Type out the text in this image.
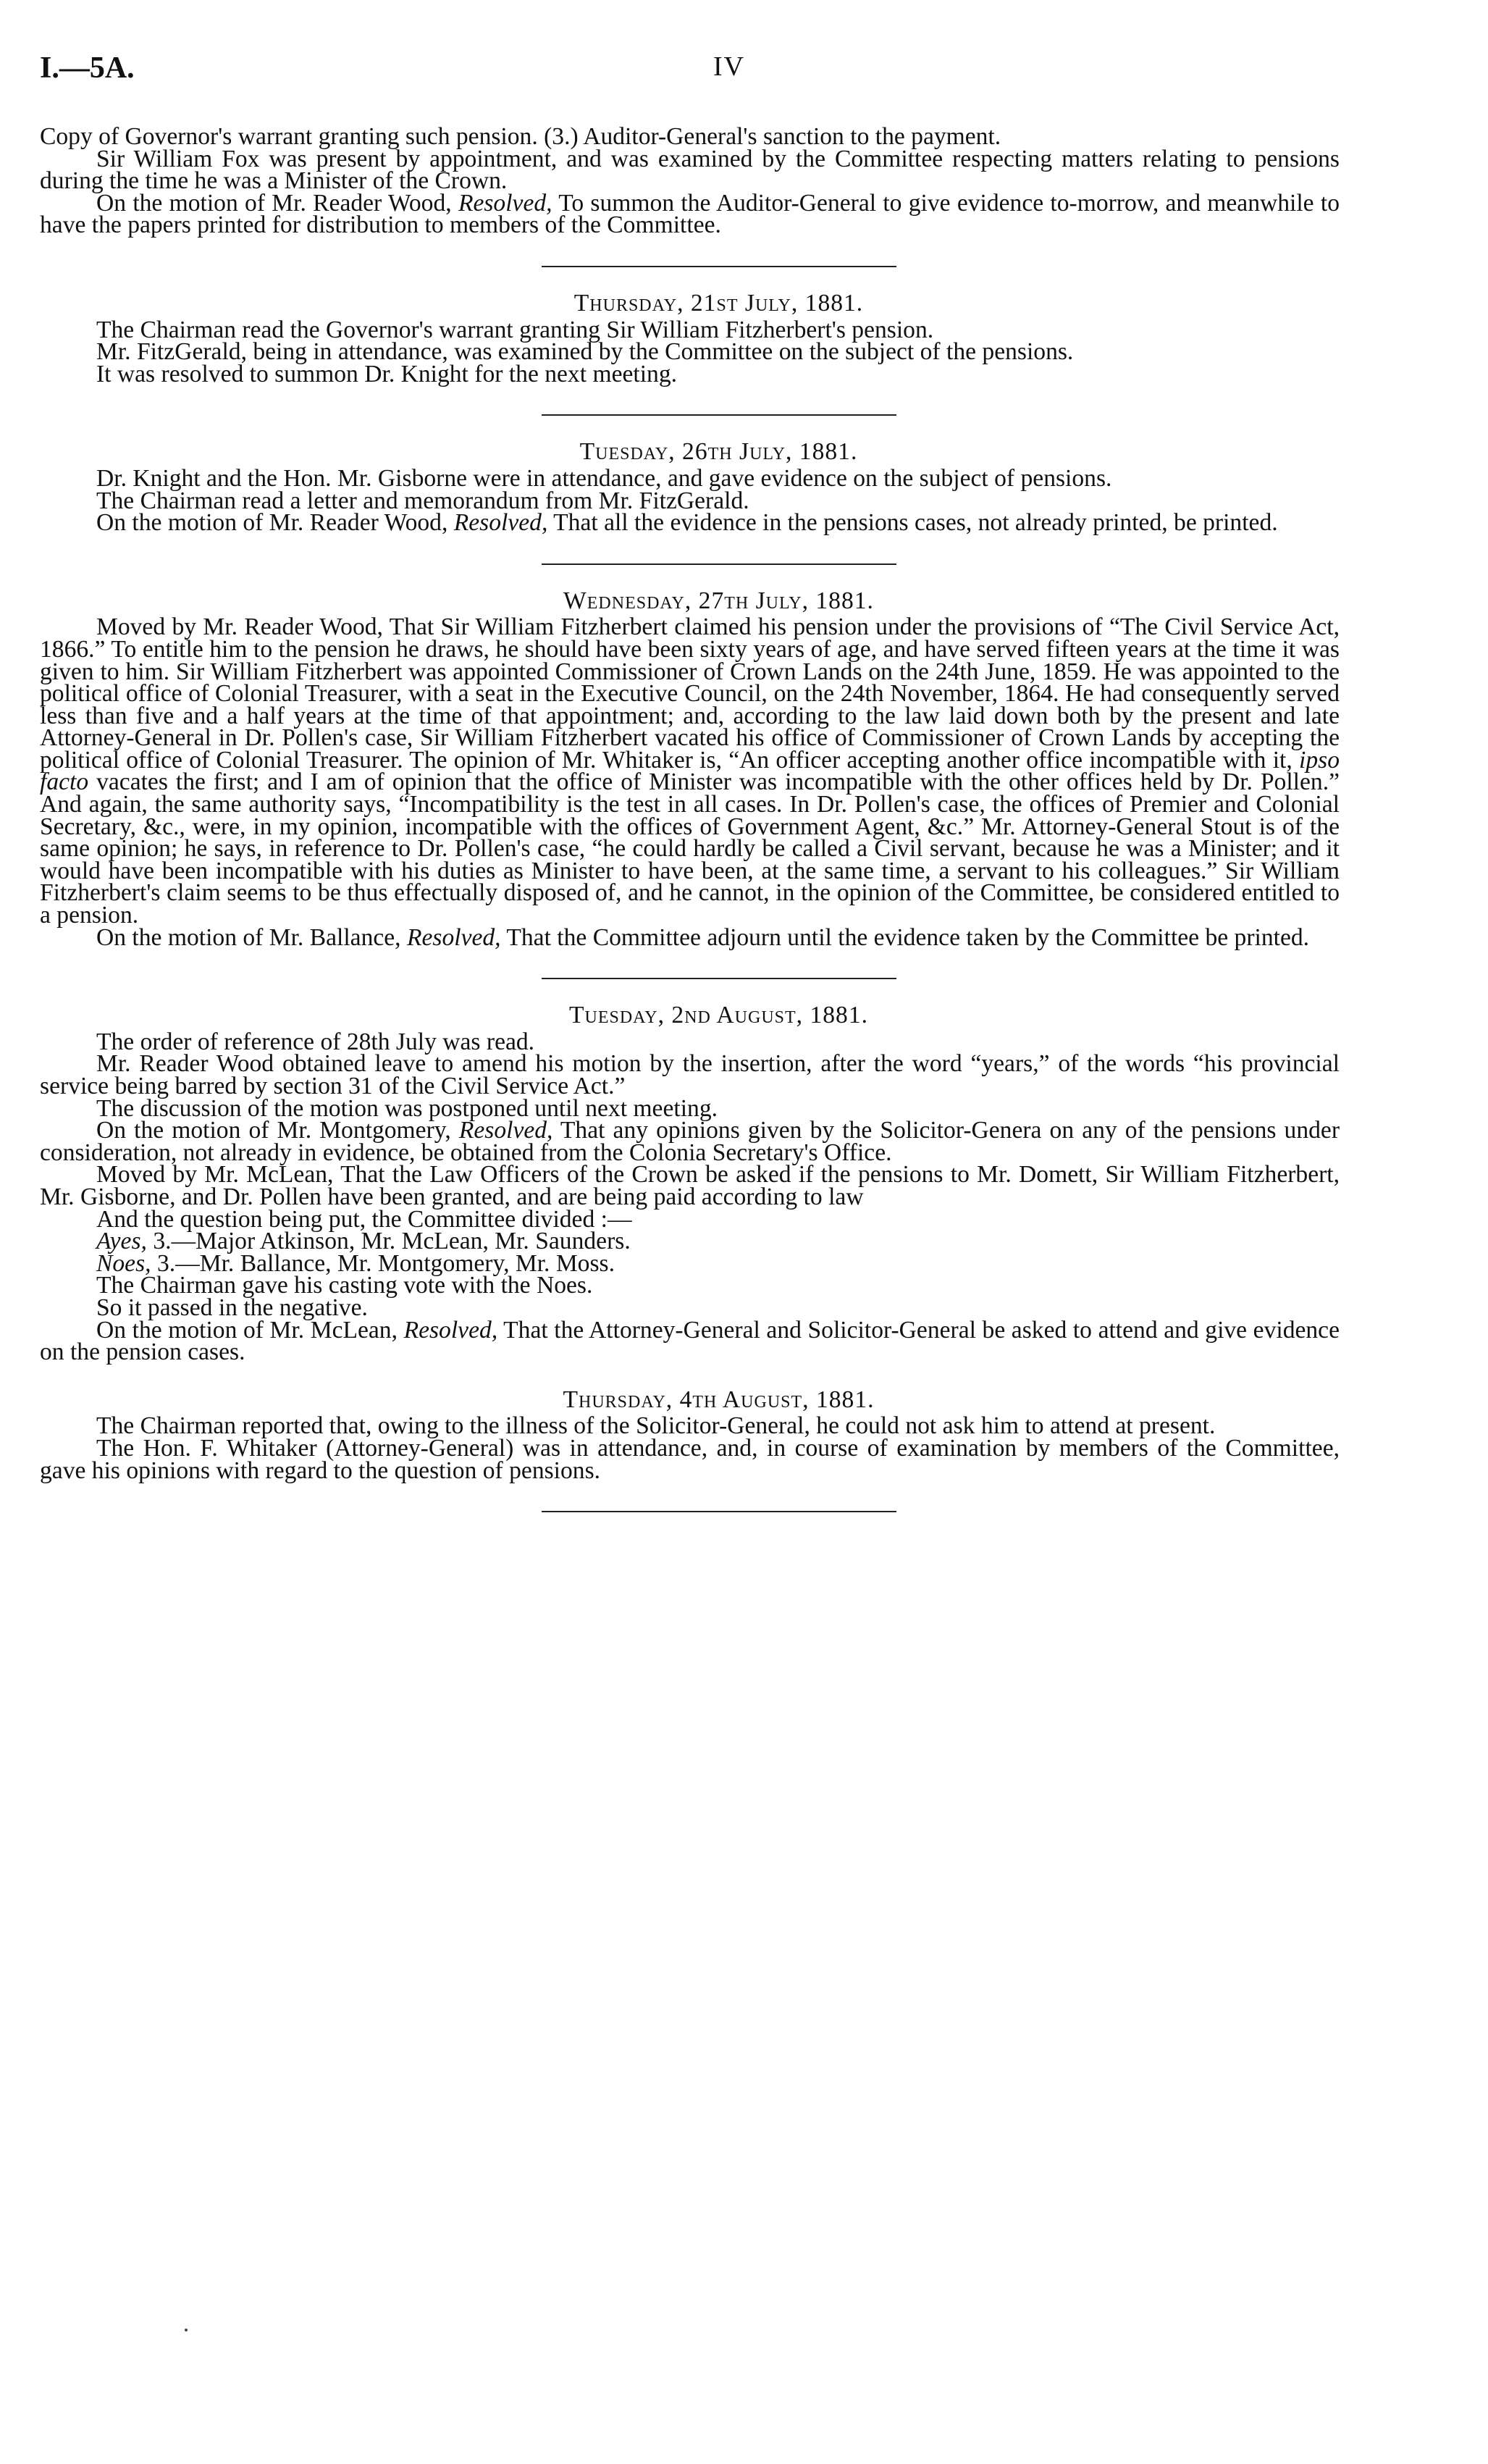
I.—5A.	IV

Copy of Governor's warrant granting such pension. (3.) Auditor-General's sanction to the payment.

Sir William Fox was present by appointment, and was examined by the Committee respecting matters relating to pensions during the time he was a Minister of the Crown.

On the motion of Mr. Reader Wood, Resolved, To summon the Auditor-General to give evidence to-morrow, and meanwhile to have the papers printed for distribution to members of the Committee.

Thursday, 21st July, 1881.

The Chairman read the Governor's warrant granting Sir William Fitzherbert's pension.

Mr. FitzGerald, being in attendance, was examined by the Committee on the subject of the pensions.

It was resolved to summon Dr. Knight for the next meeting.

Tuesday, 26th July, 1881.

Dr. Knight and the Hon. Mr. Gisborne were in attendance, and gave evidence on the subject of pensions.

The Chairman read a letter and memorandum from Mr. FitzGerald.

On the motion of Mr. Reader Wood, Resolved, That all the evidence in the pensions cases, not already printed, be printed.

Wednesday, 27th July, 1881.

Moved by Mr. Reader Wood, That Sir William Fitzherbert claimed his pension under the provisions of “The Civil Service Act, 1866.” To entitle him to the pension he draws, he should have been sixty years of age, and have served fifteen years at the time it was given to him. Sir William Fitzherbert was appointed Commissioner of Crown Lands on the 24th June, 1859. He was appointed to the political office of Colonial Treasurer, with a seat in the Executive Council, on the 24th November, 1864. He had consequently served less than five and a half years at the time of that appointment; and, according to the law laid down both by the present and late Attorney-General in Dr. Pollen's case, Sir William Fitzherbert vacated his office of Commissioner of Crown Lands by accepting the political office of Colonial Treasurer. The opinion of Mr. Whitaker is, “An officer accepting another office incompatible with it, ipso facto vacates the first; and I am of opinion that the office of Minister was incompatible with the other offices held by Dr. Pollen.” And again, the same authority says, “Incompatibility is the test in all cases. In Dr. Pollen's case, the offices of Premier and Colonial Secretary, &c., were, in my opinion, incompatible with the offices of Government Agent, &c.” Mr. Attorney-General Stout is of the same opinion; he says, in reference to Dr. Pollen's case, “he could hardly be called a Civil servant, because he was a Minister; and it would have been incompatible with his duties as Minister to have been, at the same time, a servant to his colleagues.” Sir William Fitzherbert's claim seems to be thus effectually disposed of, and he cannot, in the opinion of the Committee, be considered entitled to a pension.

On the motion of Mr. Ballance, Resolved, That the Committee adjourn until the evidence taken by the Committee be printed.

Tuesday, 2nd August, 1881.

The order of reference of 28th July was read.

Mr. Reader Wood obtained leave to amend his motion by the insertion, after the word “years,” of the words “his provincial service being barred by section 31 of the Civil Service Act.”

The discussion of the motion was postponed until next meeting.

On the motion of Mr. Montgomery, Resolved, That any opinions given by the Solicitor-Genera on any of the pensions under consideration, not already in evidence, be obtained from the Colonia Secretary's Office.

Moved by Mr. McLean, That the Law Officers of the Crown be asked if the pensions to Mr. Domett, Sir William Fitzherbert, Mr. Gisborne, and Dr. Pollen have been granted, and are being paid according to law

And the question being put, the Committee divided :—

Ayes, 3.—Major Atkinson, Mr. McLean, Mr. Saunders.

Noes, 3.—Mr. Ballance, Mr. Montgomery, Mr. Moss.

The Chairman gave his casting vote with the Noes.

So it passed in the negative.

On the motion of Mr. McLean, Resolved, That the Attorney-General and Solicitor-General be asked to attend and give evidence on the pension cases.

Thursday, 4th August, 1881.

The Chairman reported that, owing to the illness of the Solicitor-General, he could not ask him to attend at present.

The Hon. F. Whitaker (Attorney-General) was in attendance, and, in course of examination by members of the Committee, gave his opinions with regard to the question of pensions.
